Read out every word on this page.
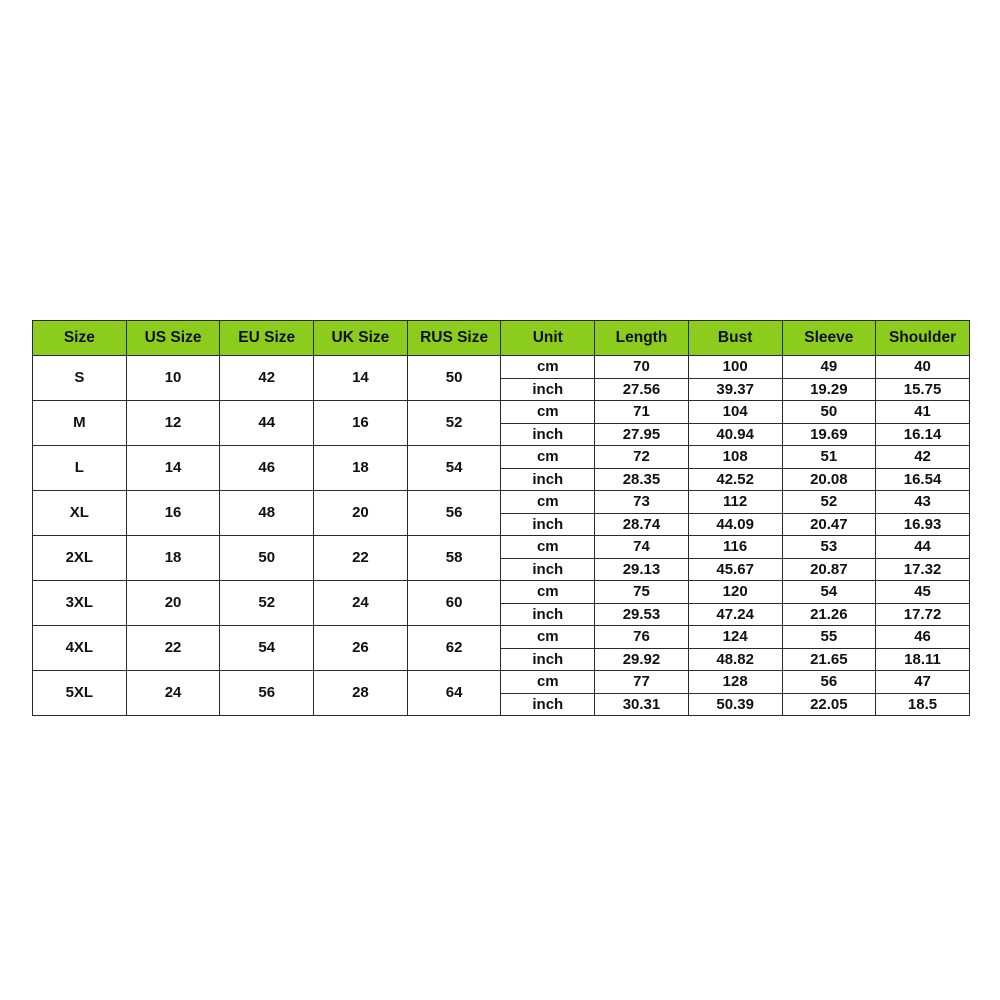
Size	US Size	EU Size	UK Size	RUS Size	Unit	Length	Bust	Sleeve	Shoulder
S	10	42	14	50	cm	70	100	49	40
					inch	27.56	39.37	19.29	15.75
M	12	44	16	52	cm	71	104	50	41
					inch	27.95	40.94	19.69	16.14
L	14	46	18	54	cm	72	108	51	42
					inch	28.35	42.52	20.08	16.54
XL	16	48	20	56	cm	73	112	52	43
					inch	28.74	44.09	20.47	16.93
2XL	18	50	22	58	cm	74	116	53	44
					inch	29.13	45.67	20.87	17.32
3XL	20	52	24	60	cm	75	120	54	45
					inch	29.53	47.24	21.26	17.72
4XL	22	54	26	62	cm	76	124	55	46
					inch	29.92	48.82	21.65	18.11
5XL	24	56	28	64	cm	77	128	56	47
					inch	30.31	50.39	22.05	18.5
